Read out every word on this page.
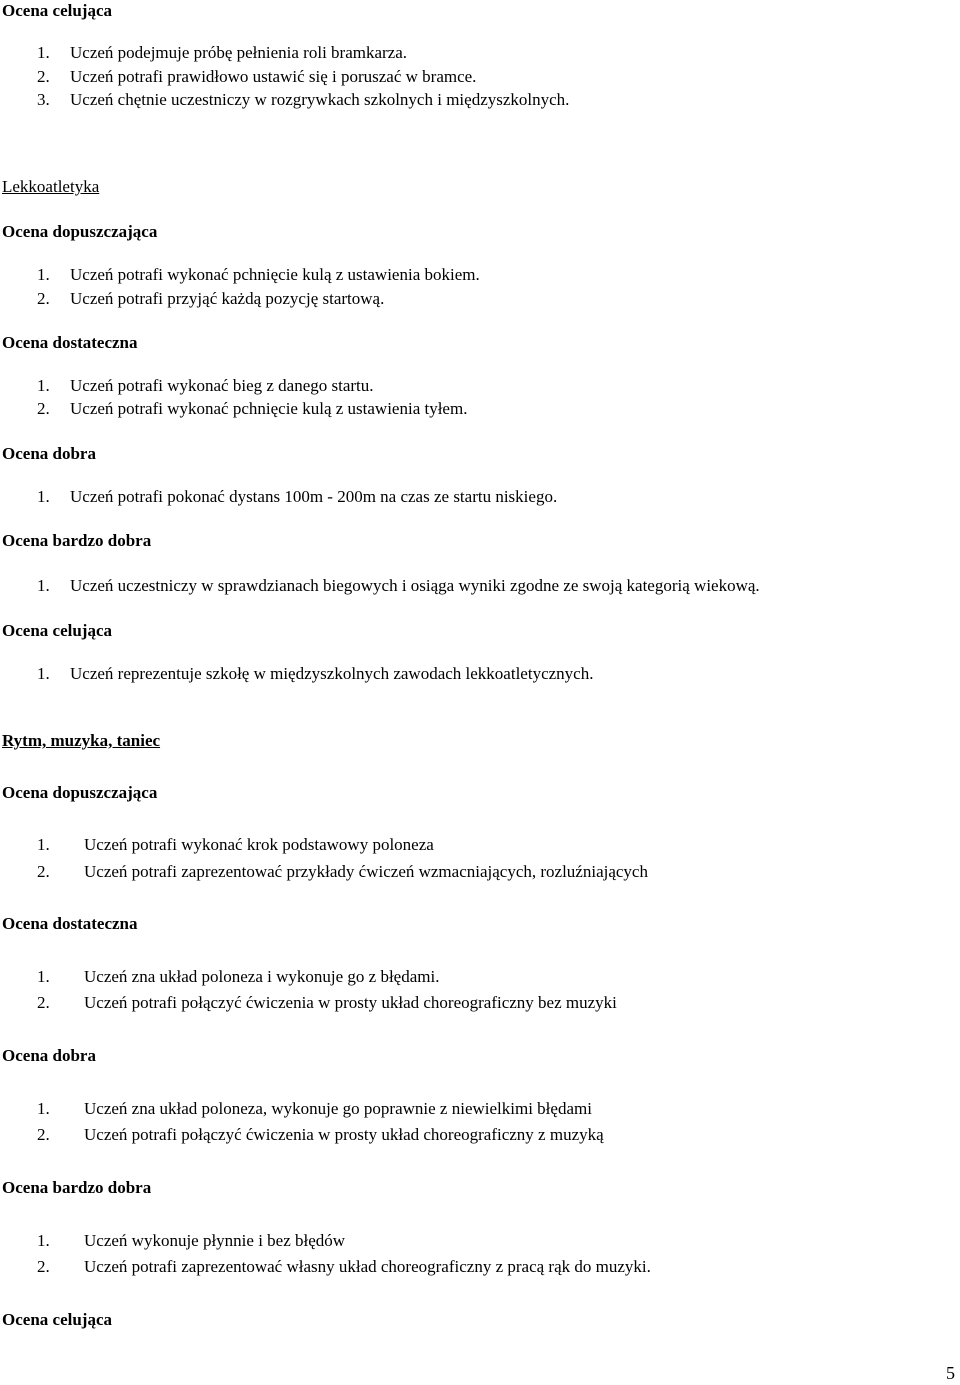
Ocena celująca
1. Uczeń podejmuje próbę pełnienia roli bramkarza.
2. Uczeń potrafi prawidłowo ustawić się i poruszać w bramce.
3. Uczeń chętnie uczestniczy w rozgrywkach szkolnych i międzyszkolnych.
Lekkoatletyka
Ocena dopuszczająca
1. Uczeń potrafi wykonać pchnięcie kulą z ustawienia bokiem.
2. Uczeń potrafi przyjąć każdą pozycję startową.
Ocena dostateczna
1. Uczeń potrafi wykonać bieg z danego startu.
2. Uczeń potrafi wykonać pchnięcie kulą z ustawienia tyłem.
Ocena dobra
1. Uczeń potrafi pokonać dystans 100m - 200m na czas ze startu niskiego.
Ocena bardzo dobra
1. Uczeń uczestniczy w sprawdzianach biegowych i osiąga wyniki zgodne ze swoją kategorią wiekową.
Ocena celująca
1. Uczeń reprezentuje szkołę w międzyszkolnych zawodach lekkoatletycznych.
Rytm, muzyka, taniec
Ocena dopuszczająca
1. Uczeń potrafi wykonać krok podstawowy poloneza
2. Uczeń potrafi zaprezentować przykłady ćwiczeń wzmacniających, rozluźniających
Ocena dostateczna
1. Uczeń zna układ poloneza i wykonuje go z błędami.
2. Uczeń potrafi połączyć ćwiczenia w prosty układ choreograficzny bez muzyki
Ocena dobra
1. Uczeń zna układ poloneza, wykonuje go poprawnie z niewielkimi błędami
2. Uczeń potrafi połączyć ćwiczenia w prosty układ choreograficzny z muzyką
Ocena bardzo dobra
1. Uczeń wykonuje płynnie i bez błędów
2. Uczeń potrafi zaprezentować własny układ choreograficzny z pracą rąk do muzyki.
Ocena celująca
5
